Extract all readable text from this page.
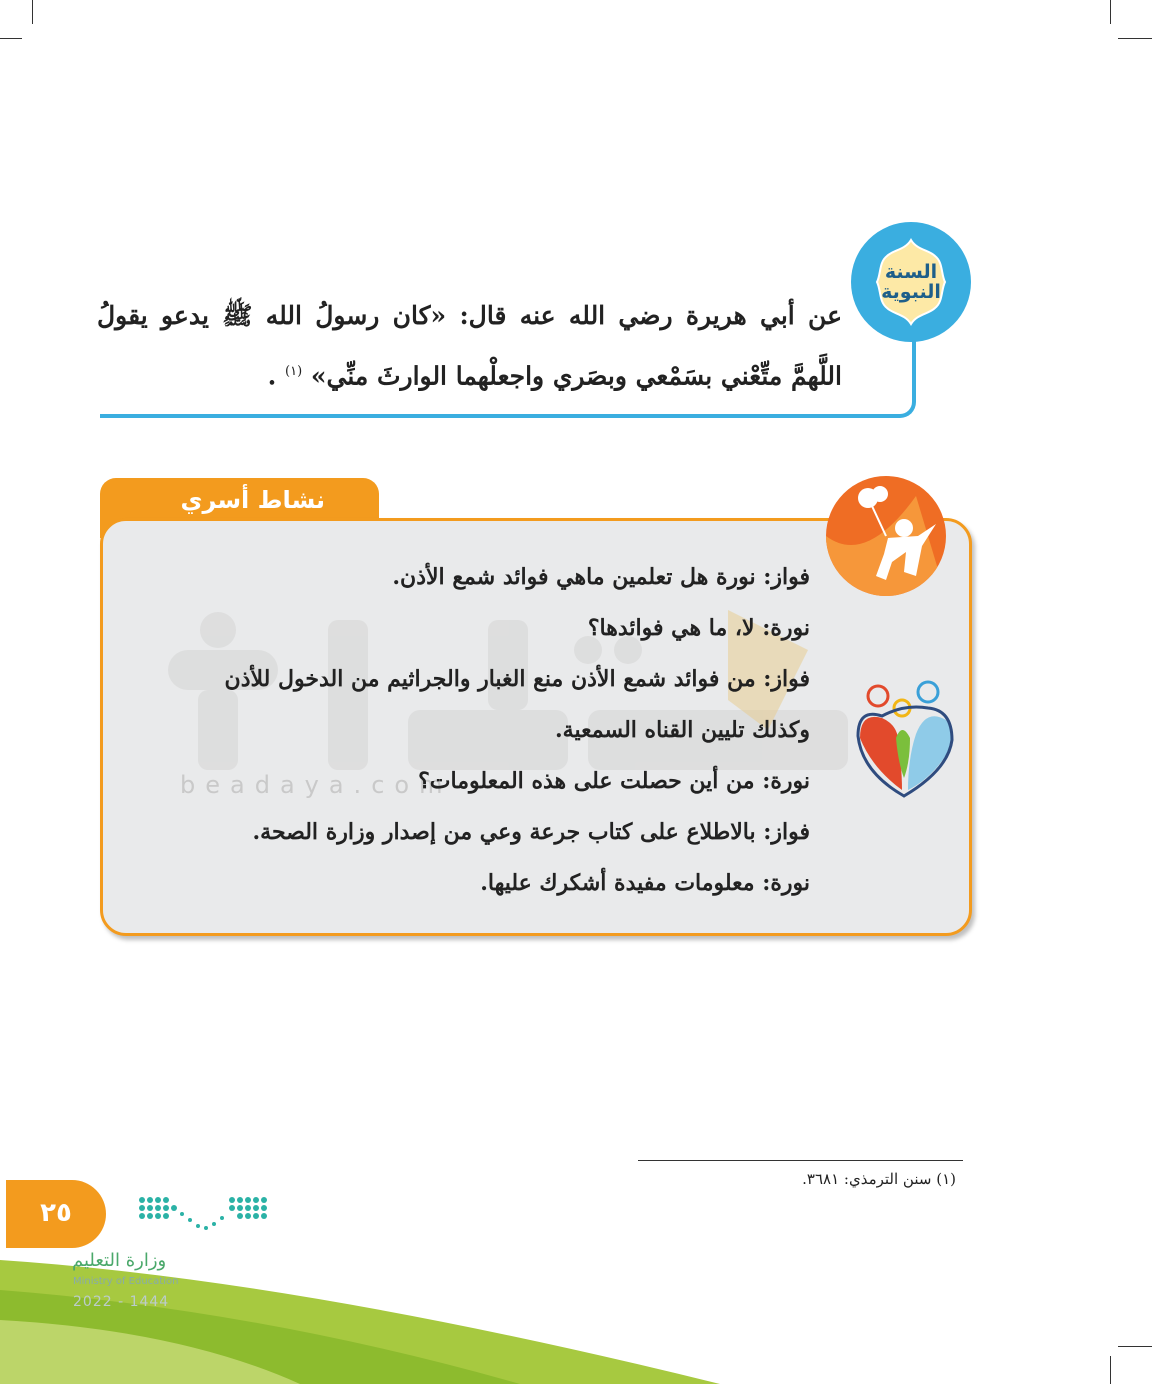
السنة
النبوية
عن أبي هريرة رضي الله عنه قال: «كان رسولُ الله ﷺ يدعو يقولُ اللَّهمَّ متِّعْني بسَمْعي وبصَري واجعلْهما الوارثَ منِّي» $^{(١)}$ .
نشاط أسري
beadaya.com

فواز: نورة هل تعلمين ماهي فوائد شمع الأذن.

نورة: لا، ما هي فوائدها؟

فواز: من فوائد شمع الأذن منع الغبار والجراثيم من الدخول للأذن

وكذلك تليين القناه السمعية.

نورة: من أين حصلت على هذه المعلومات؟

فواز: بالاطلاع على كتاب جرعة وعي من إصدار وزارة الصحة.

نورة: معلومات مفيدة أشكرك عليها.

(١) سنن الترمذي: ٣٦٨١.
٢٥
وزارة التعليم
Ministry of Education
2022 - 1444
